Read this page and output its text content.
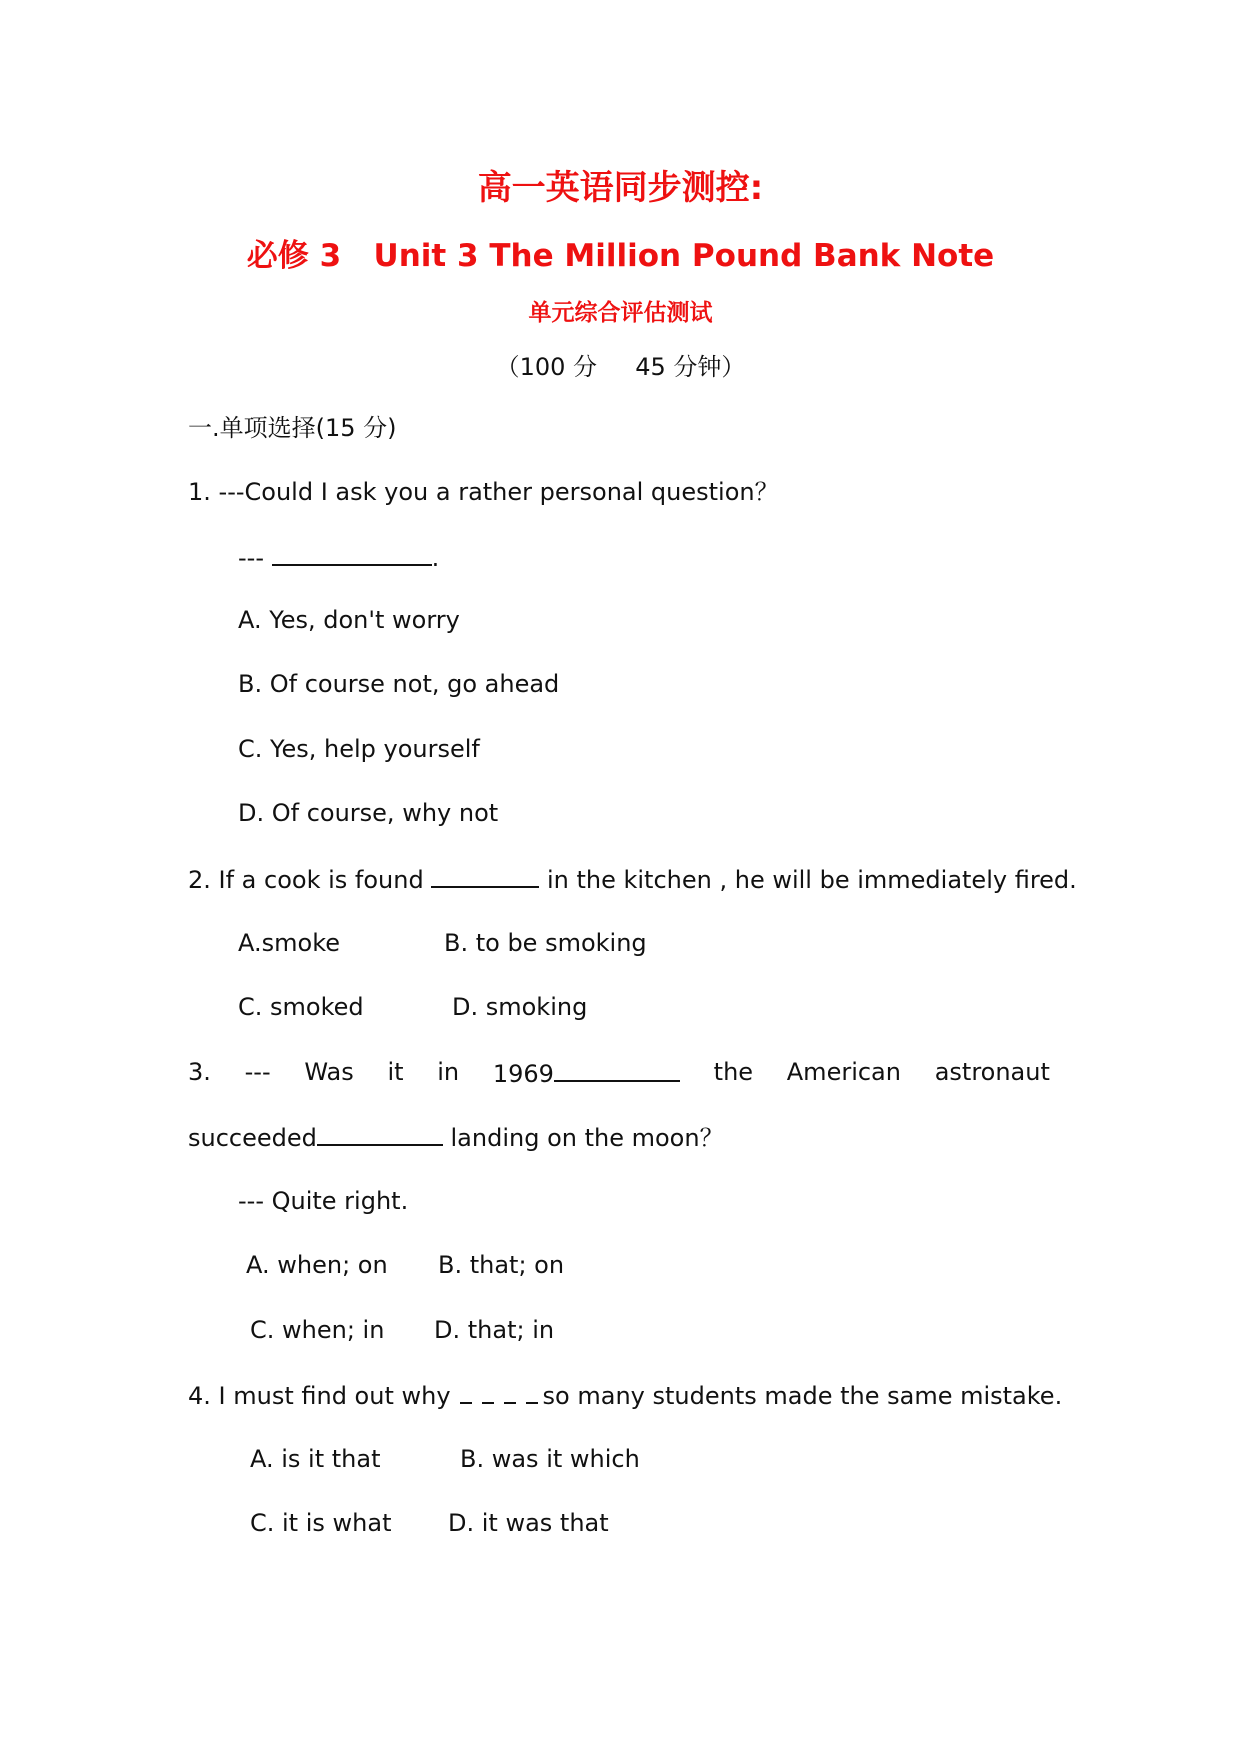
高一英语同步测控:
必修 3   Unit 3 The Million Pound Bank Note
单元综合评估测试
（100 分     45 分钟）
一.单项选择(15 分)
1. ---Could I ask you a rather personal question？
---	.
A. Yes, don't worry
B. Of course not, go ahead
C. Yes, help yourself
D. Of course, why not
2. If a cook is found	in the kitchen , he will be immediately fired.
A.smoke	B. to be smoking
C. smoked	D. smoking
3. --- Was it in 1969	the American astronaut
succeeded	landing on the moon？
--- Quite right.
A. when; on B. that; on
C. when; in D. that; in
4. I must find out why	so many students made the same mistake.
A. is it that	B. was it which
C. it is what D. it was that
